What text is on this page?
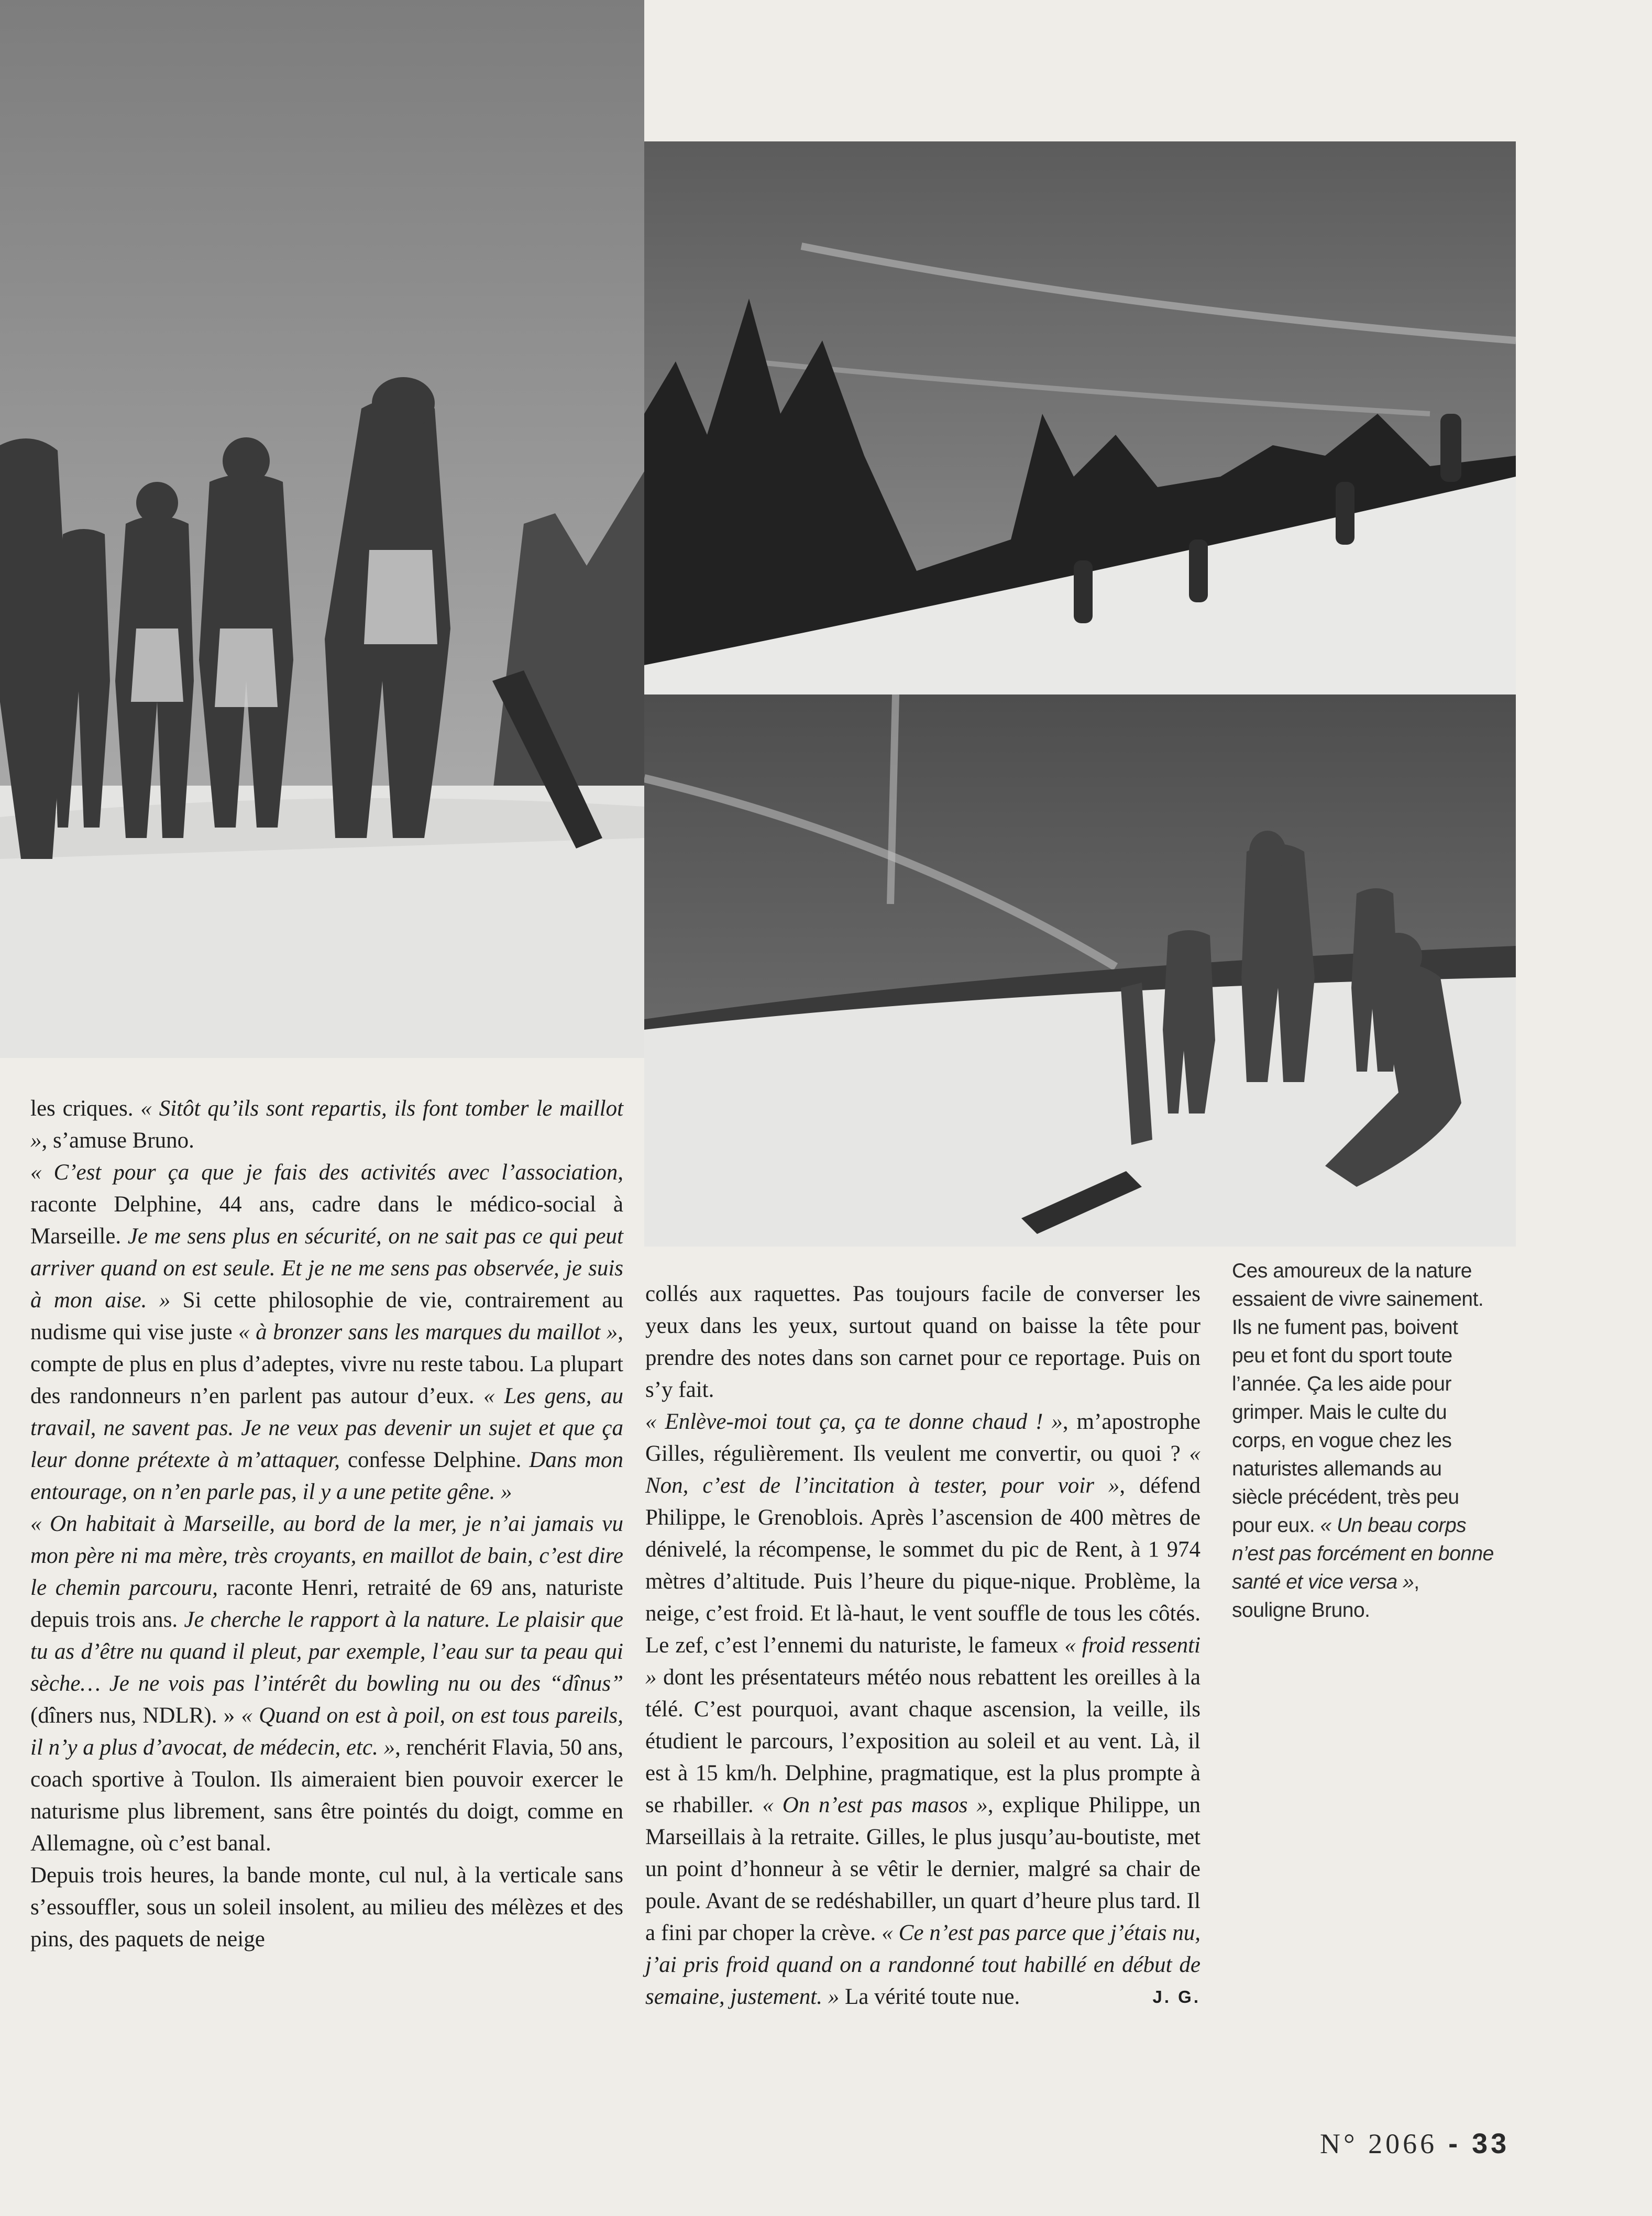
les criques. « Sitôt qu’ils sont repartis, ils font tomber le maillot », s’amuse Bruno.

« C’est pour ça que je fais des activités avec l’association, raconte Delphine, 44 ans, cadre dans le médico-social à Marseille. Je me sens plus en sécurité, on ne sait pas ce qui peut arriver quand on est seule. Et je ne me sens pas observée, je suis à mon aise. » Si cette philosophie de vie, contrairement au nudisme qui vise juste « à bronzer sans les marques du maillot », compte de plus en plus d’adeptes, vivre nu reste tabou. La plupart des randonneurs n’en parlent pas autour d’eux. « Les gens, au travail, ne savent pas. Je ne veux pas devenir un sujet et que ça leur donne prétexte à m’attaquer, confesse Delphine. Dans mon entourage, on n’en parle pas, il y a une petite gêne. »

« On habitait à Marseille, au bord de la mer, je n’ai jamais vu mon père ni ma mère, très croyants, en maillot de bain, c’est dire le chemin parcouru, raconte Henri, retraité de 69 ans, naturiste depuis trois ans. Je cherche le rapport à la nature. Le plaisir que tu as d’être nu quand il pleut, par exemple, l’eau sur ta peau qui sèche… Je ne vois pas l’intérêt du bowling nu ou des “dînus” (dîners nus, NDLR). » « Quand on est à poil, on est tous pareils, il n’y a plus d’avocat, de médecin, etc. », renchérit Flavia, 50 ans, coach sportive à Toulon. Ils aimeraient bien pouvoir exercer le naturisme plus librement, sans être pointés du doigt, comme en Allemagne, où c’est banal.

Depuis trois heures, la bande monte, cul nul, à la verticale sans s’essouffler, sous un soleil insolent, au milieu des mélèzes et des pins, des paquets de neige

collés aux raquettes. Pas toujours facile de converser les yeux dans les yeux, surtout quand on baisse la tête pour prendre des notes dans son carnet pour ce reportage. Puis on s’y fait.

« Enlève-moi tout ça, ça te donne chaud ! », m’apostrophe Gilles, régulièrement. Ils veulent me convertir, ou quoi ? « Non, c’est de l’incitation à tester, pour voir », défend Philippe, le Grenoblois. Après l’ascension de 400 mètres de dénivelé, la récompense, le sommet du pic de Rent, à 1 974 mètres d’altitude. Puis l’heure du pique-nique. Problème, la neige, c’est froid. Et là-haut, le vent souffle de tous les côtés. Le zef, c’est l’ennemi du naturiste, le fameux « froid ressenti » dont les présentateurs météo nous rebattent les oreilles à la télé. C’est pourquoi, avant chaque ascension, la veille, ils étudient le parcours, l’exposition au soleil et au vent. Là, il est à 15 km/h. Delphine, pragmatique, est la plus prompte à se rhabiller. « On n’est pas masos », explique Philippe, un Marseillais à la retraite. Gilles, le plus jusqu’au-boutiste, met un point d’honneur à se vêtir le dernier, malgré sa chair de poule. Avant de se redéshabiller, un quart d’heure plus tard. Il a fini par choper la crève. « Ce n’est pas parce que j’étais nu, j’ai pris froid quand on a randonné tout habillé en début de semaine, justement. » La vérité toute nue.	J. G.

Ces amoureux de la nature essaient de vivre sainement. Ils ne fument pas, boivent peu et font du sport toute l’année. Ça les aide pour grimper. Mais le culte du corps, en vogue chez les naturistes allemands au siècle précédent, très peu pour eux. « Un beau corps n’est pas forcément en bonne santé et vice versa », souligne Bruno.
N° 2066 - 33
